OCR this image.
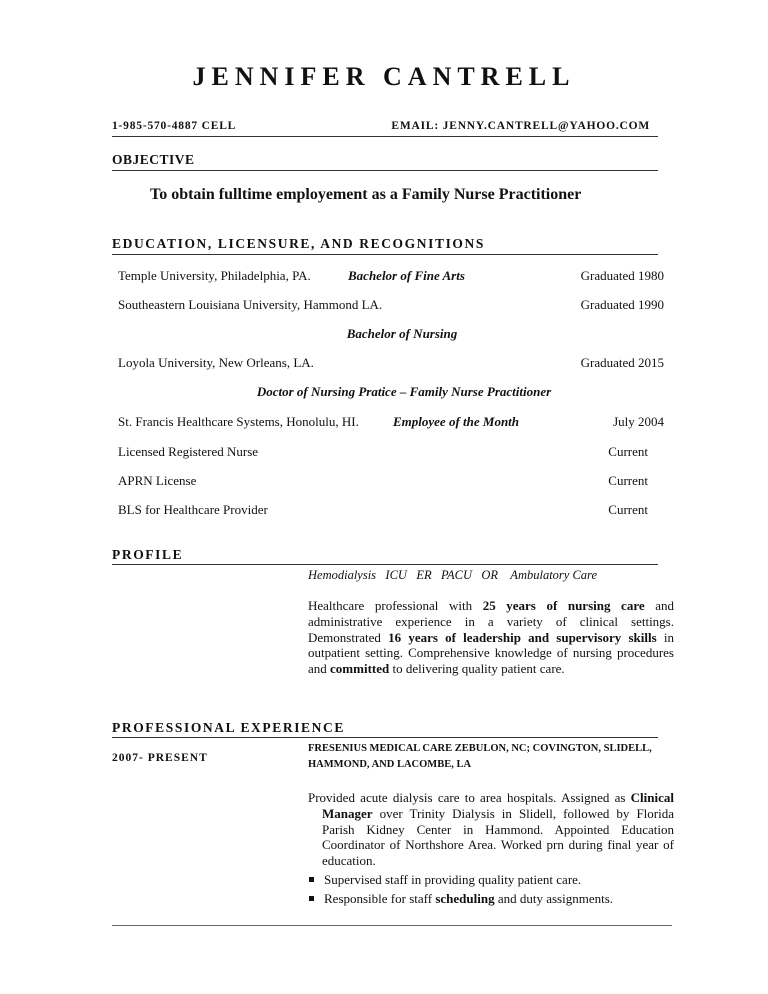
JENNIFER CANTRELL
1-985-570-4887 CELL	EMAIL: JENNY.CANTRELL@YAHOO.COM
OBJECTIVE
To obtain fulltime employement as a Family Nurse Practitioner
EDUCATION, LICENSURE, AND RECOGNITIONS
Temple University, Philadelphia, PA.	Bachelor of Fine Arts	Graduated 1980
Southeastern Louisiana University, Hammond LA.	Graduated 1990
Bachelor of Nursing
Loyola University, New Orleans, LA.	Graduated 2015
Doctor of Nursing Pratice – Family Nurse Practitioner
St. Francis Healthcare Systems, Honolulu, HI.	Employee of the Month	July 2004
Licensed Registered Nurse	Current
APRN License	Current
BLS for Healthcare Provider	Current
PROFILE
Hemodialysis   ICU   ER   PACU   OR    Ambulatory Care
Healthcare professional with 25 years of nursing care and administrative experience in a variety of clinical settings. Demonstrated 16 years of leadership and supervisory skills in outpatient setting. Comprehensive knowledge of nursing procedures and committed to delivering quality patient care.
PROFESSIONAL EXPERIENCE
2007- PRESENT
FRESENIUS MEDICAL CARE ZEBULON, NC; COVINGTON, SLIDELL, HAMMOND, AND LACOMBE, LA
Provided acute dialysis care to area hospitals. Assigned as Clinical Manager over Trinity Dialysis in Slidell, followed by Florida Parish Kidney Center in Hammond. Appointed Education Coordinator of Northshore Area. Worked prn during final year of education.
Supervised staff in providing quality patient care.
Responsible for staff scheduling and duty assignments.
